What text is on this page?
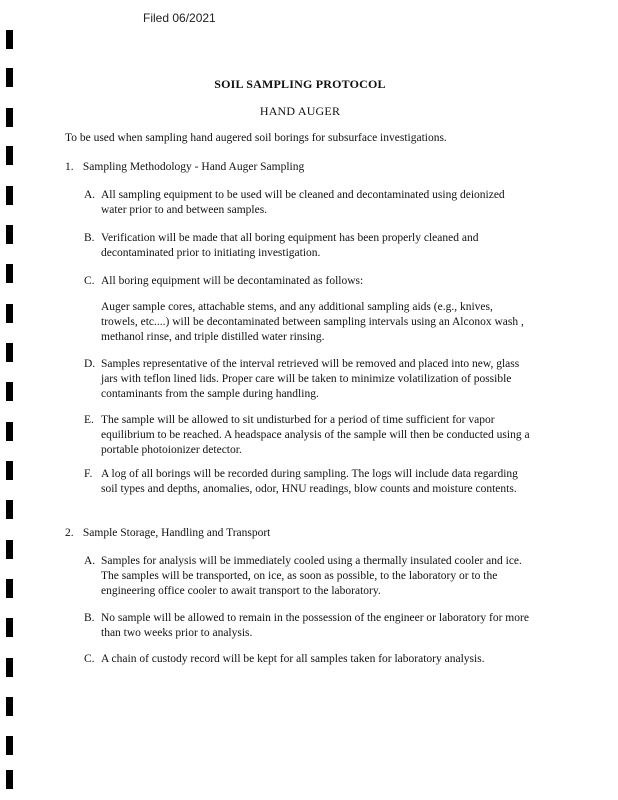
Filed 06/2021
SOIL SAMPLING PROTOCOL
HAND AUGER
To be used when sampling hand augered soil borings for subsurface investigations.
1. Sampling Methodology - Hand Auger Sampling
A. All sampling equipment to be used will be cleaned and decontaminated using deionized water prior to and between samples.
B. Verification will be made that all boring equipment has been properly cleaned and decontaminated prior to initiating investigation.
C. All boring equipment will be decontaminated as follows:
Auger sample cores, attachable stems, and any additional sampling aids (e.g., knives, trowels, etc....) will be decontaminated between sampling intervals using an Alconox wash , methanol rinse, and triple distilled water rinsing.
D. Samples representative of the interval retrieved will be removed and placed into new, glass jars with teflon lined lids. Proper care will be taken to minimize volatilization of possible contaminants from the sample during handling.
E. The sample will be allowed to sit undisturbed for a period of time sufficient for vapor equilibrium to be reached. A headspace analysis of the sample will then be conducted using a portable photoionizer detector.
F. A log of all borings will be recorded during sampling. The logs will include data regarding soil types and depths, anomalies, odor, HNU readings, blow counts and moisture contents.
2. Sample Storage, Handling and Transport
A. Samples for analysis will be immediately cooled using a thermally insulated cooler and ice. The samples will be transported, on ice, as soon as possible, to the laboratory or to the engineering office cooler to await transport to the laboratory.
B. No sample will be allowed to remain in the possession of the engineer or laboratory for more than two weeks prior to analysis.
C. A chain of custody record will be kept for all samples taken for laboratory analysis.
